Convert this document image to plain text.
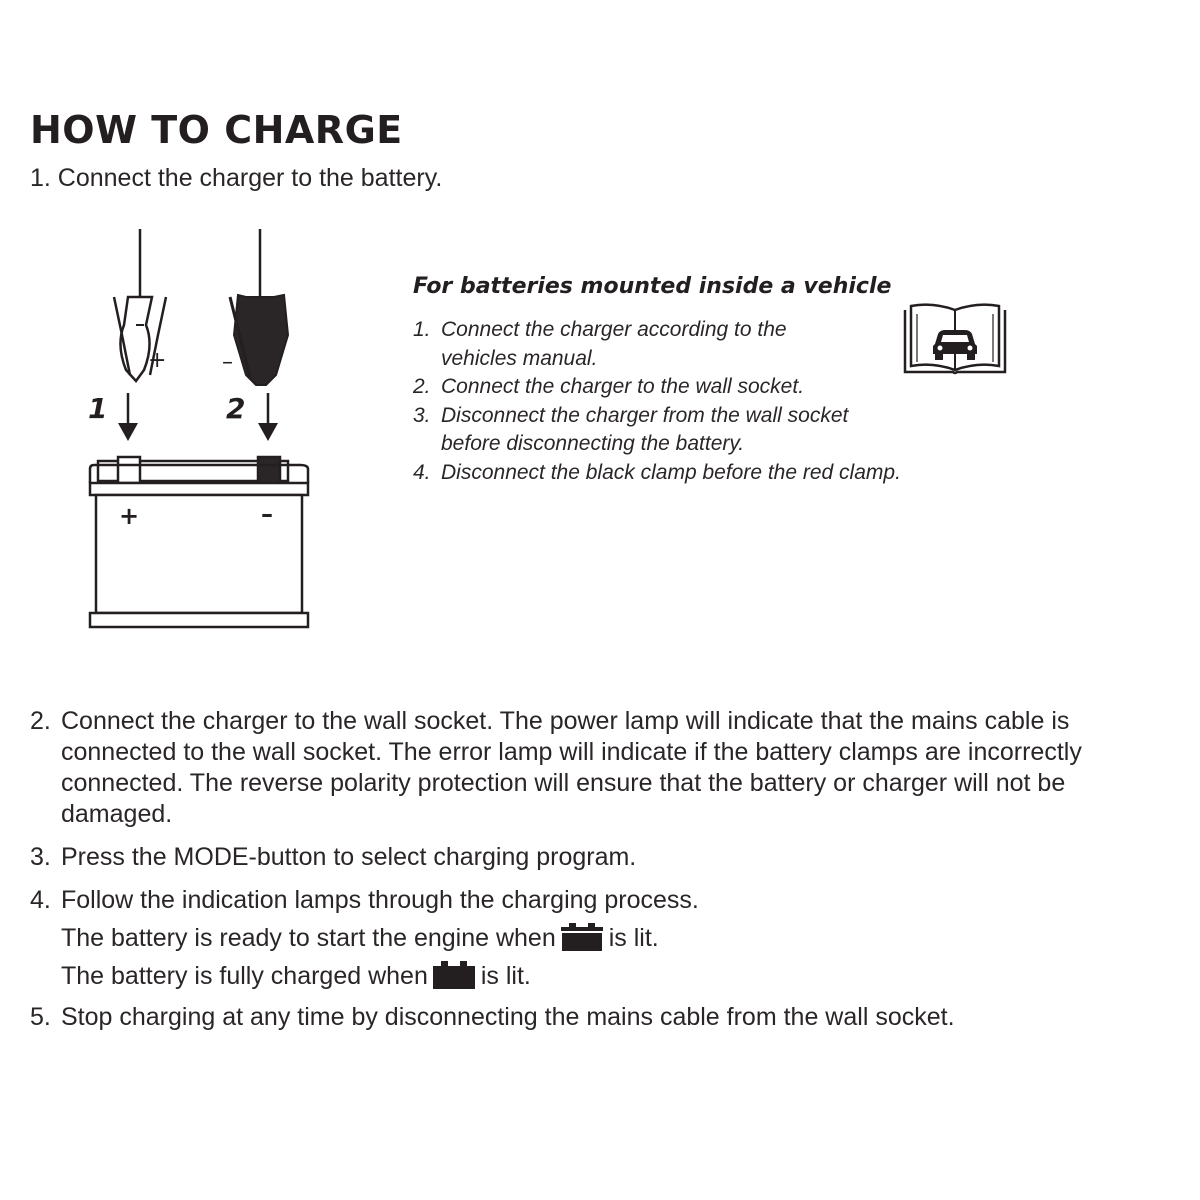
HOW TO CHARGE
1. Connect the charger to the battery.
+	–
1	2
+	–
For batteries mounted inside a vehicle
1. Connect the charger according to the vehicles manual.
2. Connect the charger to the wall socket.
3. Disconnect the charger from the wall socket before disconnecting the battery.
4. Disconnect the black clamp before the red clamp.
2. Connect the charger to the wall socket. The power lamp will indicate that the mains cable is connected to the wall socket. The error lamp will indicate if the battery clamps are incorrectly connected. The reverse polarity protection will ensure that the battery or charger will not be damaged.
3. Press the MODE-button to select charging program.
4. Follow the indication lamps through the charging process.
The battery is ready to start the engine when is lit.
The battery is fully charged when is lit.
5. Stop charging at any time by disconnecting the mains cable from the wall socket.
